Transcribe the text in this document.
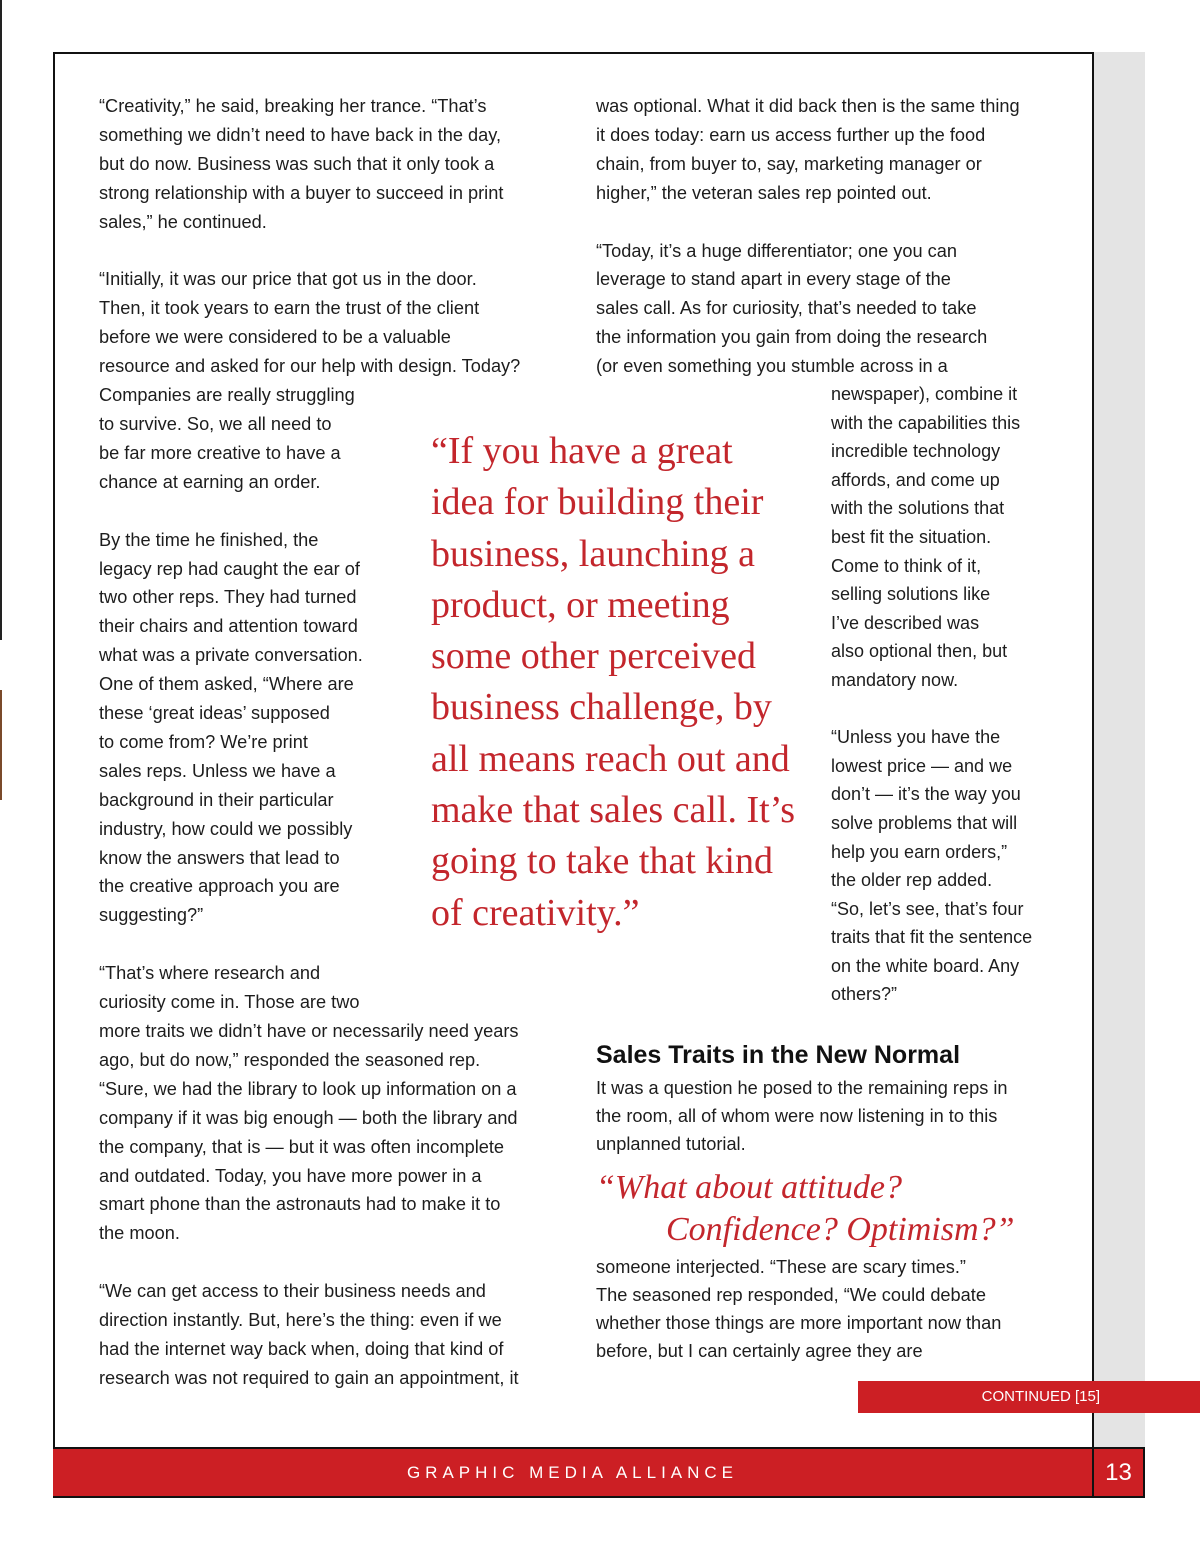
“Creativity,” he said, breaking her trance. “That’s
something we didn’t need to have back in the day,
but do now. Business was such that it only took a
strong relationship with a buyer to succeed in print
sales,” he continued.

“Initially, it was our price that got us in the door.
Then, it took years to earn the trust of the client
before we were considered to be a valuable
resource and asked for our help with design. Today?
Companies are really struggling
to survive. So, we all need to
be far more creative to have a
chance at earning an order.

By the time he finished, the
legacy rep had caught the ear of
two other reps. They had turned
their chairs and attention toward
what was a private conversation.
One of them asked, “Where are
these ‘great ideas’ supposed
to come from? We’re print
sales reps. Unless we have a
background in their particular
industry, how could we possibly
know the answers that lead to
the creative approach you are
suggesting?”

“That’s where research and
curiosity come in. Those are two
more traits we didn’t have or necessarily need years
ago, but do now,” responded the seasoned rep.
“Sure, we had the library to look up information on a
company if it was big enough — both the library and
the company, that is — but it was often incomplete
and outdated. Today, you have more power in a
smart phone than the astronauts had to make it to
the moon.

“We can get access to their business needs and
direction instantly. But, here’s the thing: even if we
had the internet way back when, doing that kind of
research was not required to gain an appointment, it

was optional. What it did back then is the same thing
it does today: earn us access further up the food
chain, from buyer to, say, marketing manager or
higher,” the veteran sales rep pointed out.

“Today, it’s a huge differentiator; one you can
leverage to stand apart in every stage of the
sales call. As for curiosity, that’s needed to take
the information you gain from doing the research
(or even something you stumble across in a

newspaper), combine it
with the capabilities this
incredible technology
affords, and come up
with the solutions that
best fit the situation.
Come to think of it,
selling solutions like
I’ve described was
also optional then, but
mandatory now.

“Unless you have the
lowest price — and we
don’t — it’s the way you
solve problems that will
help you earn orders,”
the older rep added.
“So, let’s see, that’s four
traits that fit the sentence
on the white board. Any
others?”

“If you have a great
idea for building their
business, launching a
product, or meeting
some other perceived
business challenge, by
all means reach out and
make that sales call. It’s
going to take that kind
of creativity.”
Sales Traits in the New Normal

It was a question he posed to the remaining reps in
the room, all of whom were now listening in to this
unplanned tutorial.

“What about attitude?
Confidence? Optimism?”

someone interjected. “These are scary times.”
The seasoned rep responded, “We could debate
whether those things are more important now than
before, but I can certainly agree they are

CONTINUED [15]
GRAPHIC MEDIA ALLIANCE	13
